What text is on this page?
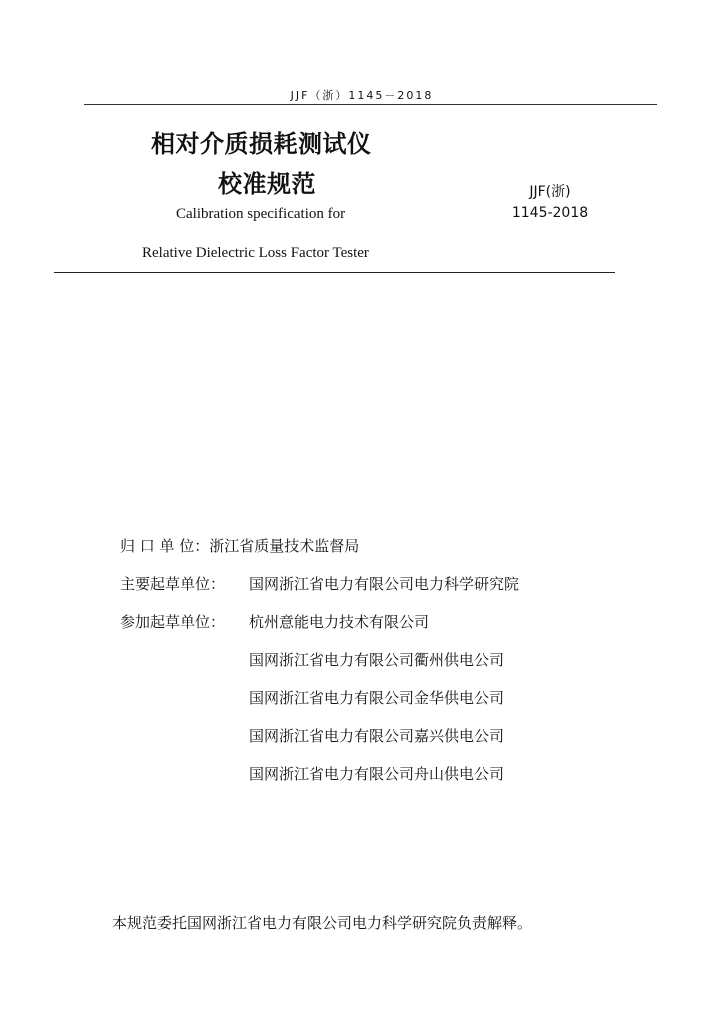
JJF（浙）1145－2018
相对介质损耗测试仪
校准规范	JJF(浙)
1145-2018
Calibration specification for
Relative Dielectric Loss Factor Tester
归 口 单 位：浙江省质量技术监督局
主要起草单位： 国网浙江省电力有限公司电力科学研究院
参加起草单位： 杭州意能电力技术有限公司
国网浙江省电力有限公司衢州供电公司
国网浙江省电力有限公司金华供电公司
国网浙江省电力有限公司嘉兴供电公司
国网浙江省电力有限公司舟山供电公司
本规范委托国网浙江省电力有限公司电力科学研究院负责解释。
